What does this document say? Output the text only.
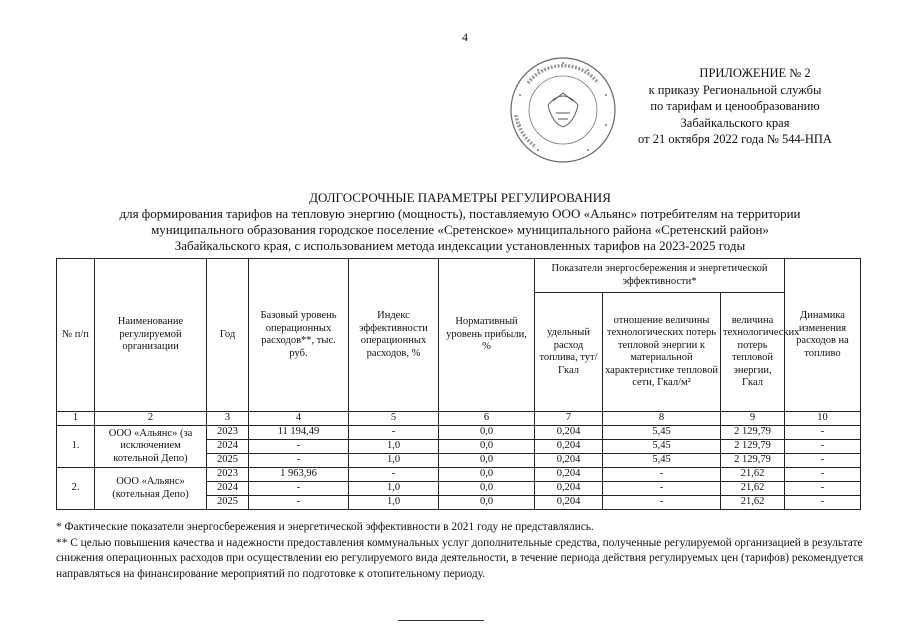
4
ПРИЛОЖЕНИЕ № 2
к приказу Региональной службы
по тарифам и ценообразованию
Забайкальского края
от 21 октября 2022 года № 544-НПА
ДОЛГОСРОЧНЫЕ ПАРАМЕТРЫ РЕГУЛИРОВАНИЯ
для формирования тарифов на тепловую энергию (мощность), поставляемую ООО «Альянс» потребителям на территории
муниципального образования городское поселение «Сретенское» муниципального района «Сретенский район»
Забайкальского края, с использованием метода индексации установленных тарифов на 2023-2025 годы
№ п/п	Наименование регулируемой организации	Год	Базовый уровень операционных расходов**, тыс. руб.	Индекс эффективности операционных расходов, %	Нормативный уровень прибыли, %	Показатели энергосбережения и энергетической эффективности*			Динамика изменения расходов на топливо
						удельный расход топлива, тут/Гкал	отношение величины технологических потерь тепловой энергии к материальной характеристике тепловой сети, Гкал/м²	величина технологических потерь тепловой энергии, Гкал	
1	2	3	4	5	6	7	8	9	10
1.	ООО «Альянс» (за исключением котельной Депо)	2023	11 194,49	-	0,0	0,204	5,45	2 129,79	-
		2024	-	1,0	0,0	0,204	5,45	2 129,79	-
		2025	-	1,0	0,0	0,204	5,45	2 129,79	-
2.	ООО «Альянс» (котельная Депо)	2023	1 963,96	-	0,0	0,204	-	21,62	-
		2024	-	1,0	0,0	0,204	-	21,62	-
		2025	-	1,0	0,0	0,204	-	21,62	-
* Фактические показатели энергосбережения и энергетической эффективности в 2021 году не представлялись.
** С целью повышения качества и надежности предоставления коммунальных услуг дополнительные средства, полученные регулируемой организацией в результате снижения операционных расходов при осуществлении ею регулируемого вида деятельности, в течение периода действия регулируемых цен (тарифов) рекомендуется направляться на финансирование мероприятий по подготовке к отопительному периоду.
